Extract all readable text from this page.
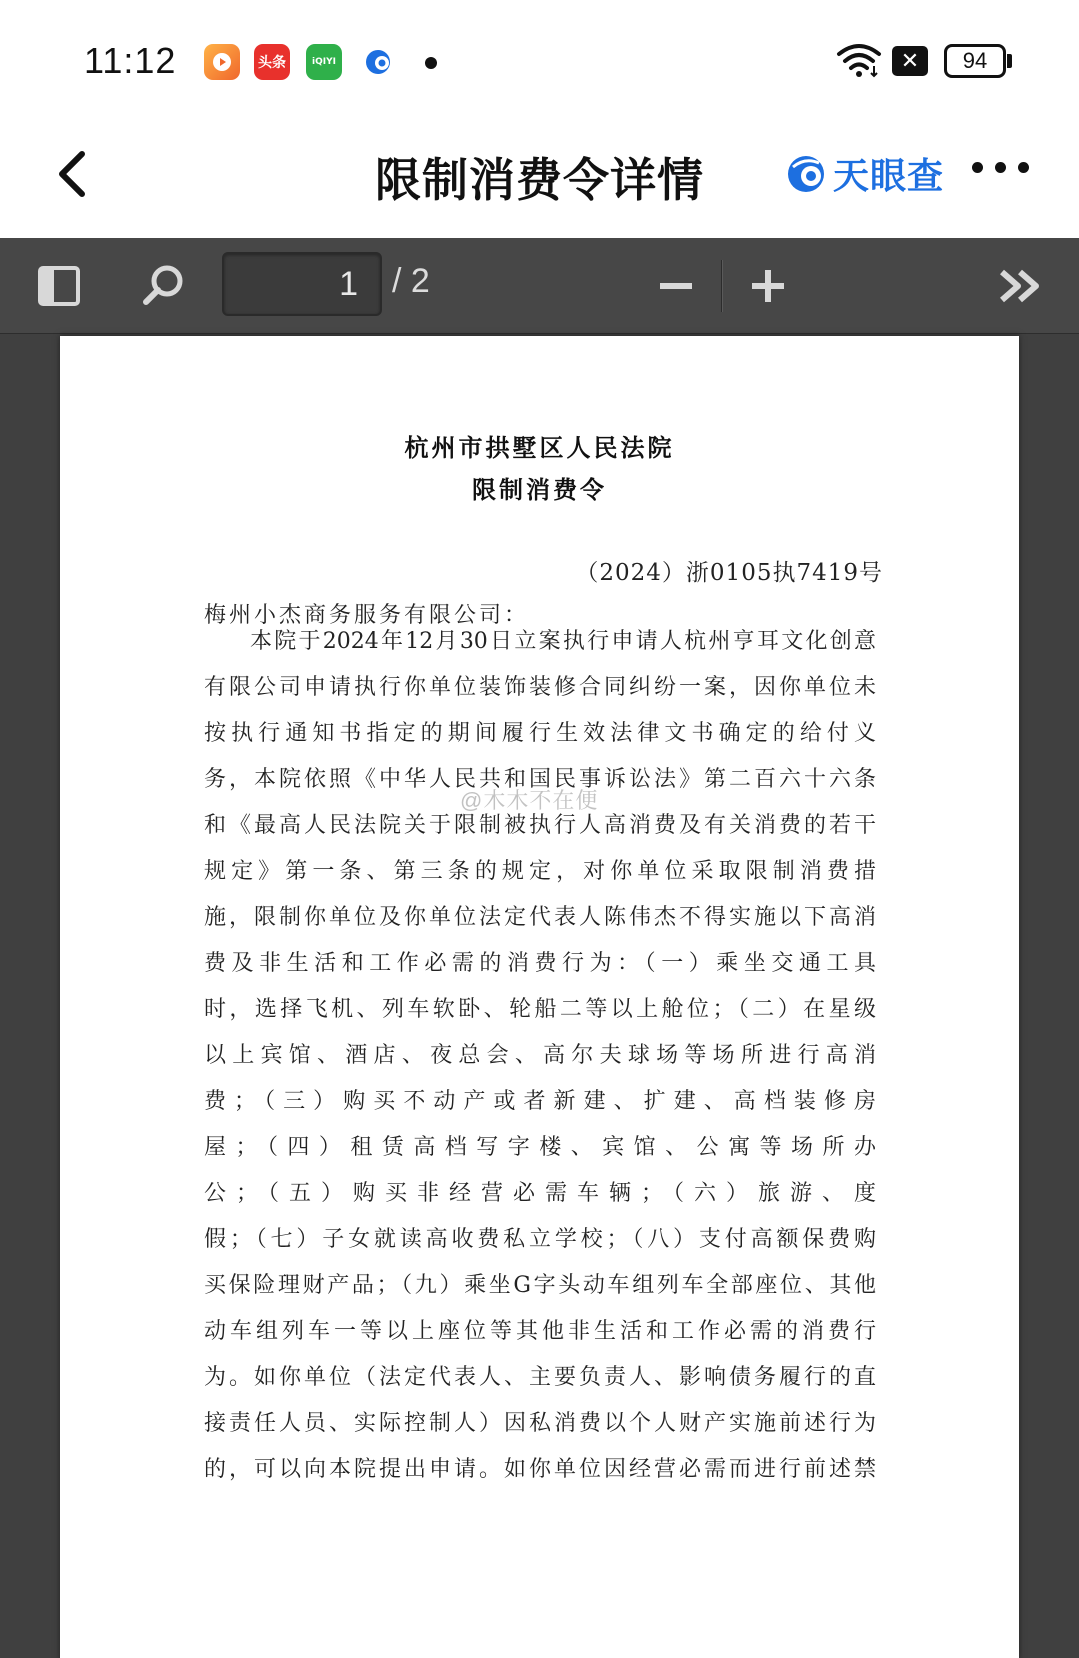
11:12	头条	iQIYI	✕	94
限制消费令详情	天眼查
1	/ 2
杭州市拱墅区人民法院
限制消费令
（2024）浙0105执7419号
梅州小杰商务服务有限公司：
本院于2024年12月30日立案执行申请人杭州亨耳文化创意
有限公司申请执行你单位装饰装修合同纠纷一案，因你单位未
按执行通知书指定的期间履行生效法律文书确定的给付义
务，本院依照《中华人民共和国民事诉讼法》第二百六十六条
和《最高人民法院关于限制被执行人高消费及有关消费的若干
规定》第一条、第三条的规定，对你单位采取限制消费措
施，限制你单位及你单位法定代表人陈伟杰不得实施以下高消
费及非生活和工作必需的消费行为：（一）乘坐交通工具
时，选择飞机、列车软卧、轮船二等以上舱位；（二）在星级
以上宾馆、酒店、夜总会、高尔夫球场等场所进行高消
费；（三）购买不动产或者新建、扩建、高档装修房
屋；（四）租赁高档写字楼、宾馆、公寓等场所办
公；（五）购买非经营必需车辆；（六）旅游、度
假；（七）子女就读高收费私立学校；（八）支付高额保费购
买保险理财产品；（九）乘坐G字头动车组列车全部座位、其他
动车组列车一等以上座位等其他非生活和工作必需的消费行
为。如你单位（法定代表人、主要负责人、影响债务履行的直
接责任人员、实际控制人）因私消费以个人财产实施前述行为
的，可以向本院提出申请。如你单位因经营必需而进行前述禁
@木木不在便
